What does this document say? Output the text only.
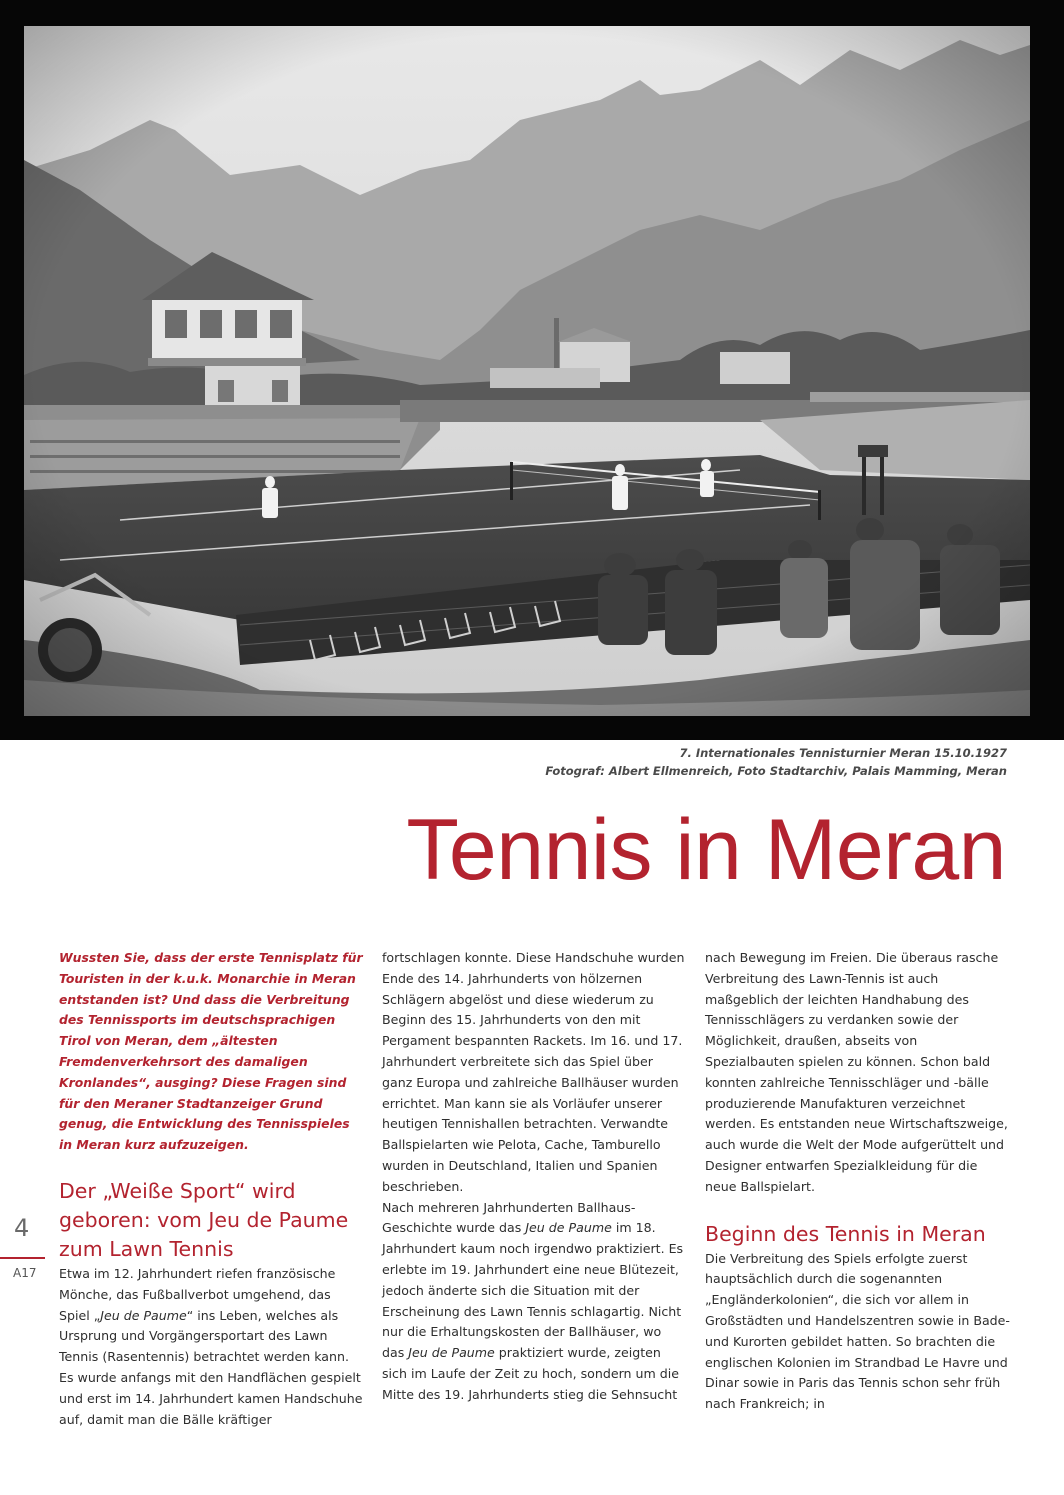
7. Internationales Tennisturnier Meran 15.10.1927
Fotograf: Albert Ellmenreich, Foto Stadtarchiv, Palais Mamming, Meran
Tennis in Meran

Wussten Sie, dass der erste Tennisplatz für Touristen in der k.u.k. Monarchie in Meran entstanden ist? Und dass die Verbreitung des Tennissports im deutschsprachigen Tirol von Meran, dem „ältesten Fremdenverkehrsort des damaligen Kronlandes“, ausging? Diese Fragen sind für den Meraner Stadtanzeiger Grund genug, die Entwicklung des Tennisspieles in Meran kurz aufzuzeigen.

Der „Weiße Sport“ wird geboren: vom Jeu de Paume zum Lawn Tennis

Etwa im 12. Jahrhundert riefen französische Mönche, das Fußballverbot umgehend, das Spiel „Jeu de Paume“ ins Leben, welches als Ursprung und Vorgängersportart des Lawn Tennis (Rasentennis) betrachtet werden kann. Es wurde anfangs mit den Handflächen gespielt und erst im 14. Jahrhundert kamen Handschuhe auf, damit man die Bälle kräftiger

fortschlagen konnte. Diese Handschuhe wurden Ende des 14. Jahrhunderts von hölzernen Schlägern abgelöst und diese wiederum zu Beginn des 15. Jahrhunderts von den mit Pergament bespannten Rackets. Im 16. und 17. Jahrhundert verbreitete sich das Spiel über ganz Europa und zahlreiche Ballhäuser wurden errichtet. Man kann sie als Vorläufer unserer heutigen Tennishallen betrachten. Verwandte Ballspielarten wie Pelota, Cache, Tamburello wurden in Deutschland, Italien und Spanien beschrieben.

Nach mehreren Jahrhunderten Ballhaus-Geschichte wurde das Jeu de Paume im 18. Jahrhundert kaum noch irgendwo praktiziert. Es erlebte im 19. Jahrhundert eine neue Blütezeit, jedoch änderte sich die Situation mit der Erscheinung des Lawn Tennis schlagartig. Nicht nur die Erhaltungskosten der Ballhäuser, wo das Jeu de Paume praktiziert wurde, zeigten sich im Laufe der Zeit zu hoch, sondern um die Mitte des 19. Jahrhunderts stieg die Sehnsucht

nach Bewegung im Freien. Die überaus rasche Verbreitung des Lawn-Tennis ist auch maßgeblich der leichten Handhabung des Tennisschlägers zu verdanken sowie der Möglichkeit, draußen, abseits von Spezialbauten spielen zu können. Schon bald konnten zahlreiche Tennisschläger und -bälle produzierende Manufakturen verzeichnet werden. Es entstanden neue Wirtschaftszweige, auch wurde die Welt der Mode aufgerüttelt und Designer entwarfen Spezialkleidung für die neue Ballspielart.

Beginn des Tennis in Meran

Die Verbreitung des Spiels erfolgte zuerst hauptsächlich durch die sogenannten „Engländerkolonien“, die sich vor allem in Großstädten und Handelszentren sowie in Bade- und Kurorten gebildet hatten. So brachten die englischen Kolonien im Strandbad Le Havre und Dinar sowie in Paris das Tennis schon sehr früh nach Frankreich; in

4
A17
